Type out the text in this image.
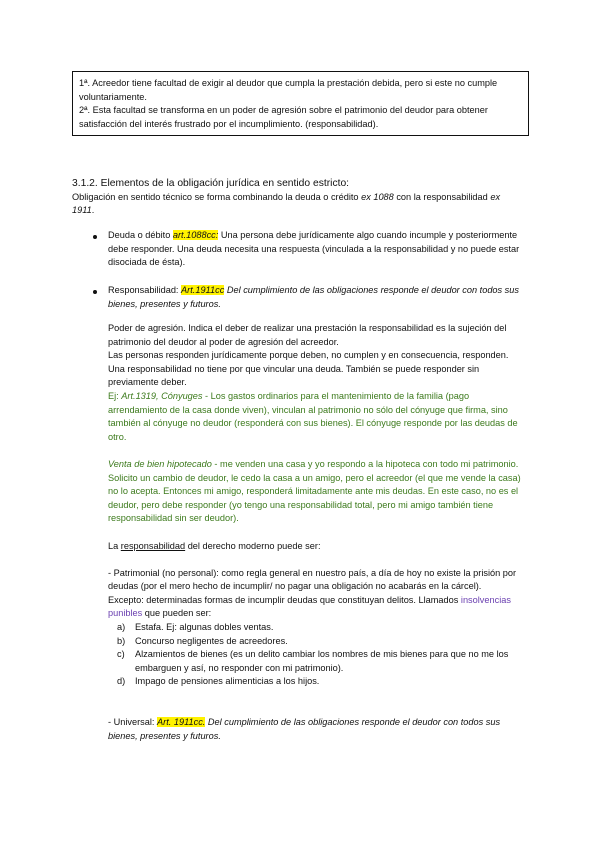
1ª. Acreedor tiene facultad de exigir al deudor que cumpla la prestación debida, pero si este no cumple voluntariamente.

2ª. Esta facultad se transforma en un poder de agresión sobre el patrimonio del deudor para obtener satisfacción del interés frustrado por el incumplimiento. (responsabilidad).

3.1.2. Elementos de la obligación jurídica en sentido estricto:

Obligación en sentido técnico se forma combinando la deuda o crédito ex 1088 con la responsabilidad ex 1911.

Deuda o débito art.1088cc: Una persona debe jurídicamente algo cuando incumple y posteriormente debe responder. Una deuda necesita una respuesta (vinculada a la responsabilidad y no puede estar disociada de ésta).

Responsabilidad: Art.1911cc Del cumplimiento de las obligaciones responde el deudor con todos sus bienes, presentes y futuros.

Poder de agresión. Indica el deber de realizar una prestación la responsabilidad es la sujeción del patrimonio del deudor al poder de agresión del acreedor.

Las personas responden jurídicamente porque deben, no cumplen y en consecuencia, responden.

Una responsabilidad no tiene por que vincular una deuda. También se puede responder sin previamente deber.

Ej: Art.1319, Cónyuges - Los gastos ordinarios para el mantenimiento de la familia (pago arrendamiento de la casa donde viven), vinculan al patrimonio no sólo del cónyuge que firma, sino también al cónyuge no deudor (responderá con sus bienes). El cónyuge responde por las deudas de otro.

Venta de bien hipotecado - me venden una casa y yo respondo a la hipoteca con todo mi patrimonio. Solicito un cambio de deudor, le cedo la casa a un amigo, pero el acreedor (el que me vende la casa) no lo acepta. Entonces mi amigo, responderá limitadamente ante mis deudas. En este caso, no es el deudor, pero debe responder (yo tengo una responsabilidad total, pero mi amigo también tiene responsabilidad sin ser deudor).

La responsabilidad del derecho moderno puede ser:

- Patrimonial (no personal): como regla general en nuestro país, a día de hoy no existe la prisión por deudas (por el mero hecho de incumplir/ no pagar una obligación no acabarás en la cárcel).

Excepto: determinadas formas de incumplir deudas que constituyan delitos. Llamados insolvencias punibles que pueden ser:

a) Estafa. Ej: algunas dobles ventas.
b) Concurso negligentes de acreedores.
c) Alzamientos de bienes (es un delito cambiar los nombres de mis bienes para que no me los embarguen y así, no responder con mi patrimonio).
d) Impago de pensiones alimenticias a los hijos.

- Universal: Art. 1911cc. Del cumplimiento de las obligaciones responde el deudor con todos sus bienes, presentes y futuros.
